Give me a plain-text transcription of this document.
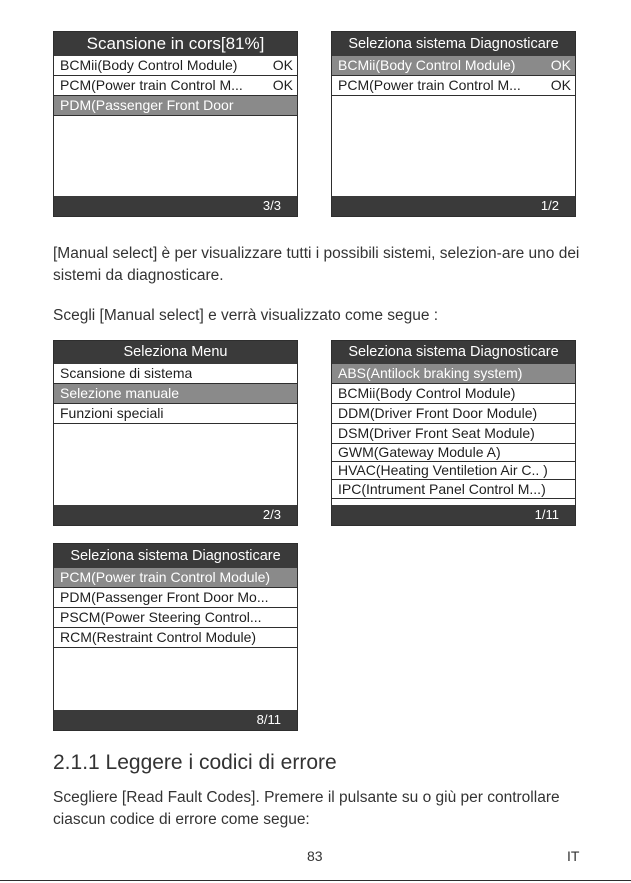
Scansione in cors[81%]
BCMii(Body Control Module)	OK
PCM(Power train Control M... OK
PDM(Passenger Front Door
3/3
Seleziona sistema Diagnosticare
BCMii(Body Control Module)	OK
PCM(Power train Control M... OK
1/2

[Manual select] è per visualizzare tutti i possibili sistemi, selezion-are uno dei sistemi da diagnosticare.

Scegli [Manual select] e verrà visualizzato come segue :

Seleziona Menu
Scansione di sistema
Selezione manuale
Funzioni speciali
2/3
Seleziona sistema Diagnosticare
ABS(Antilock braking system)
BCMii(Body Control Module)
DDM(Driver Front Door Module)
DSM(Driver Front Seat Module)
GWM(Gateway Module A)
HVAC(Heating Ventiletion Air C.. )
IPC(Intrument Panel Control M...)
1/11
Seleziona sistema Diagnosticare
PCM(Power train Control Module)
PDM(Passenger Front Door Mo...
PSCM(Power Steering Control...
RCM(Restraint Control Module)
8/11
2.1.1 Leggere i codici di errore

Scegliere [Read Fault Codes]. Premere il pulsante su o giù per controllare ciascun codice di errore come segue:

83	IT
